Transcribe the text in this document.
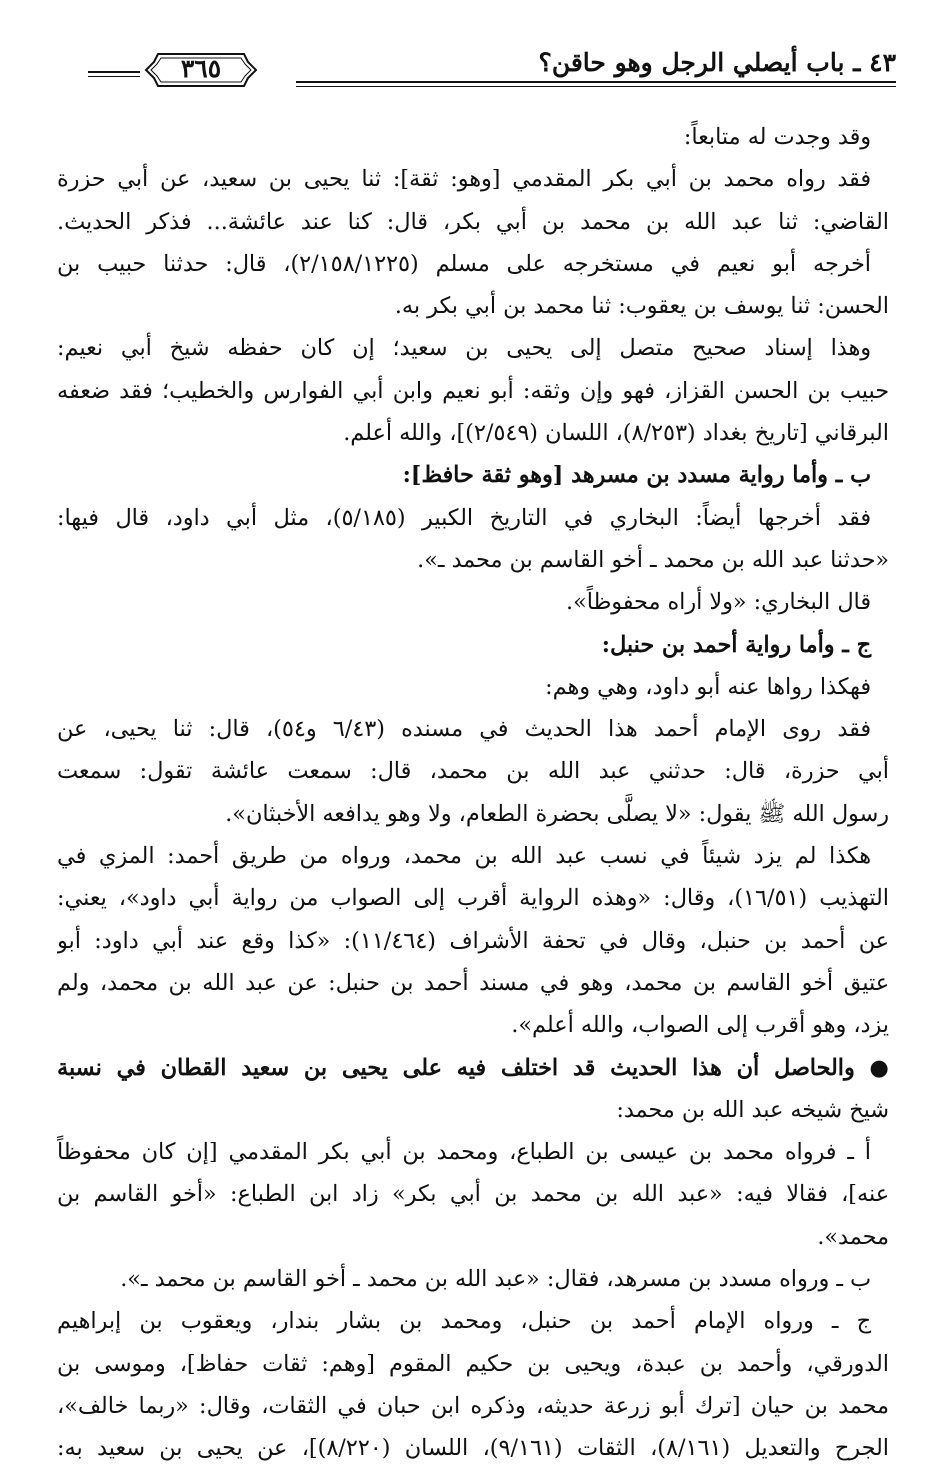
٤٣ ـ باب أيصلي الرجل وهو حاقن؟
٣٦٥
وقد وجدت له متابعاً:
فقد رواه محمد بن أبي بكر المقدمي [وهو: ثقة]: ثنا يحيى بن سعيد، عن أبي حزرة
القاضي: ثنا عبد الله بن محمد بن أبي بكر، قال: كنا عند عائشة... فذكر الحديث.
أخرجه أبو نعيم في مستخرجه على مسلم (٢/١٥٨/١٢٢٥)، قال: حدثنا حبيب بن
الحسن: ثنا يوسف بن يعقوب: ثنا محمد بن أبي بكر به.
وهذا إسناد صحيح متصل إلى يحيى بن سعيد؛ إن كان حفظه شيخ أبي نعيم:
حبيب بن الحسن القزاز، فهو وإن وثقه: أبو نعيم وابن أبي الفوارس والخطيب؛ فقد ضعفه
البرقاني [تاريخ بغداد (٨/٢٥٣)، اللسان (٢/٥٤٩)]، والله أعلم.
ب ـ وأما رواية مسدد بن مسرهد [وهو ثقة حافظ]:
فقد أخرجها أيضاً: البخاري في التاريخ الكبير (٥/١٨٥)، مثل أبي داود، قال فيها:
«حدثنا عبد الله بن محمد ـ أخو القاسم بن محمد ـ».
قال البخاري: «ولا أراه محفوظاً».
ج ـ وأما رواية أحمد بن حنبل:
فهكذا رواها عنه أبو داود، وهي وهم:
فقد روى الإمام أحمد هذا الحديث في مسنده (٦/٤٣ و٥٤)، قال: ثنا يحيى، عن
أبي حزرة، قال: حدثني عبد الله بن محمد، قال: سمعت عائشة تقول: سمعت
رسول الله ﷺ يقول: «لا يصلَّى بحضرة الطعام، ولا وهو يدافعه الأخبثان».
هكذا لم يزد شيئاً في نسب عبد الله بن محمد، ورواه من طريق أحمد: المزي في
التهذيب (١٦/٥١)، وقال: «وهذه الرواية أقرب إلى الصواب من رواية أبي داود»، يعني:
عن أحمد بن حنبل، وقال في تحفة الأشراف (١١/٤٦٤): «كذا وقع عند أبي داود: أبو
عتيق أخو القاسم بن محمد، وهو في مسند أحمد بن حنبل: عن عبد الله بن محمد، ولم
يزد، وهو أقرب إلى الصواب، والله أعلم».
● والحاصل أن هذا الحديث قد اختلف فيه على يحيى بن سعيد القطان في نسبة
شيخ شيخه عبد الله بن محمد:
أ ـ فرواه محمد بن عيسى بن الطباع، ومحمد بن أبي بكر المقدمي [إن كان محفوظاً
عنه]، فقالا فيه: «عبد الله بن محمد بن أبي بكر» زاد ابن الطباع: «أخو القاسم بن
محمد».
ب ـ ورواه مسدد بن مسرهد، فقال: «عبد الله بن محمد ـ أخو القاسم بن محمد ـ».
ج ـ ورواه الإمام أحمد بن حنبل، ومحمد بن بشار بندار، ويعقوب بن إبراهيم
الدورقي، وأحمد بن عبدة، ويحيى بن حكيم المقوم [وهم: ثقات حفاظ]، وموسى بن
محمد بن حيان [ترك أبو زرعة حديثه، وذكره ابن حبان في الثقات، وقال: «ربما خالف»،
الجرح والتعديل (٨/١٦١)، الثقات (٩/١٦١)، اللسان (٨/٢٢٠)]، عن يحيى بن سعيد به:
